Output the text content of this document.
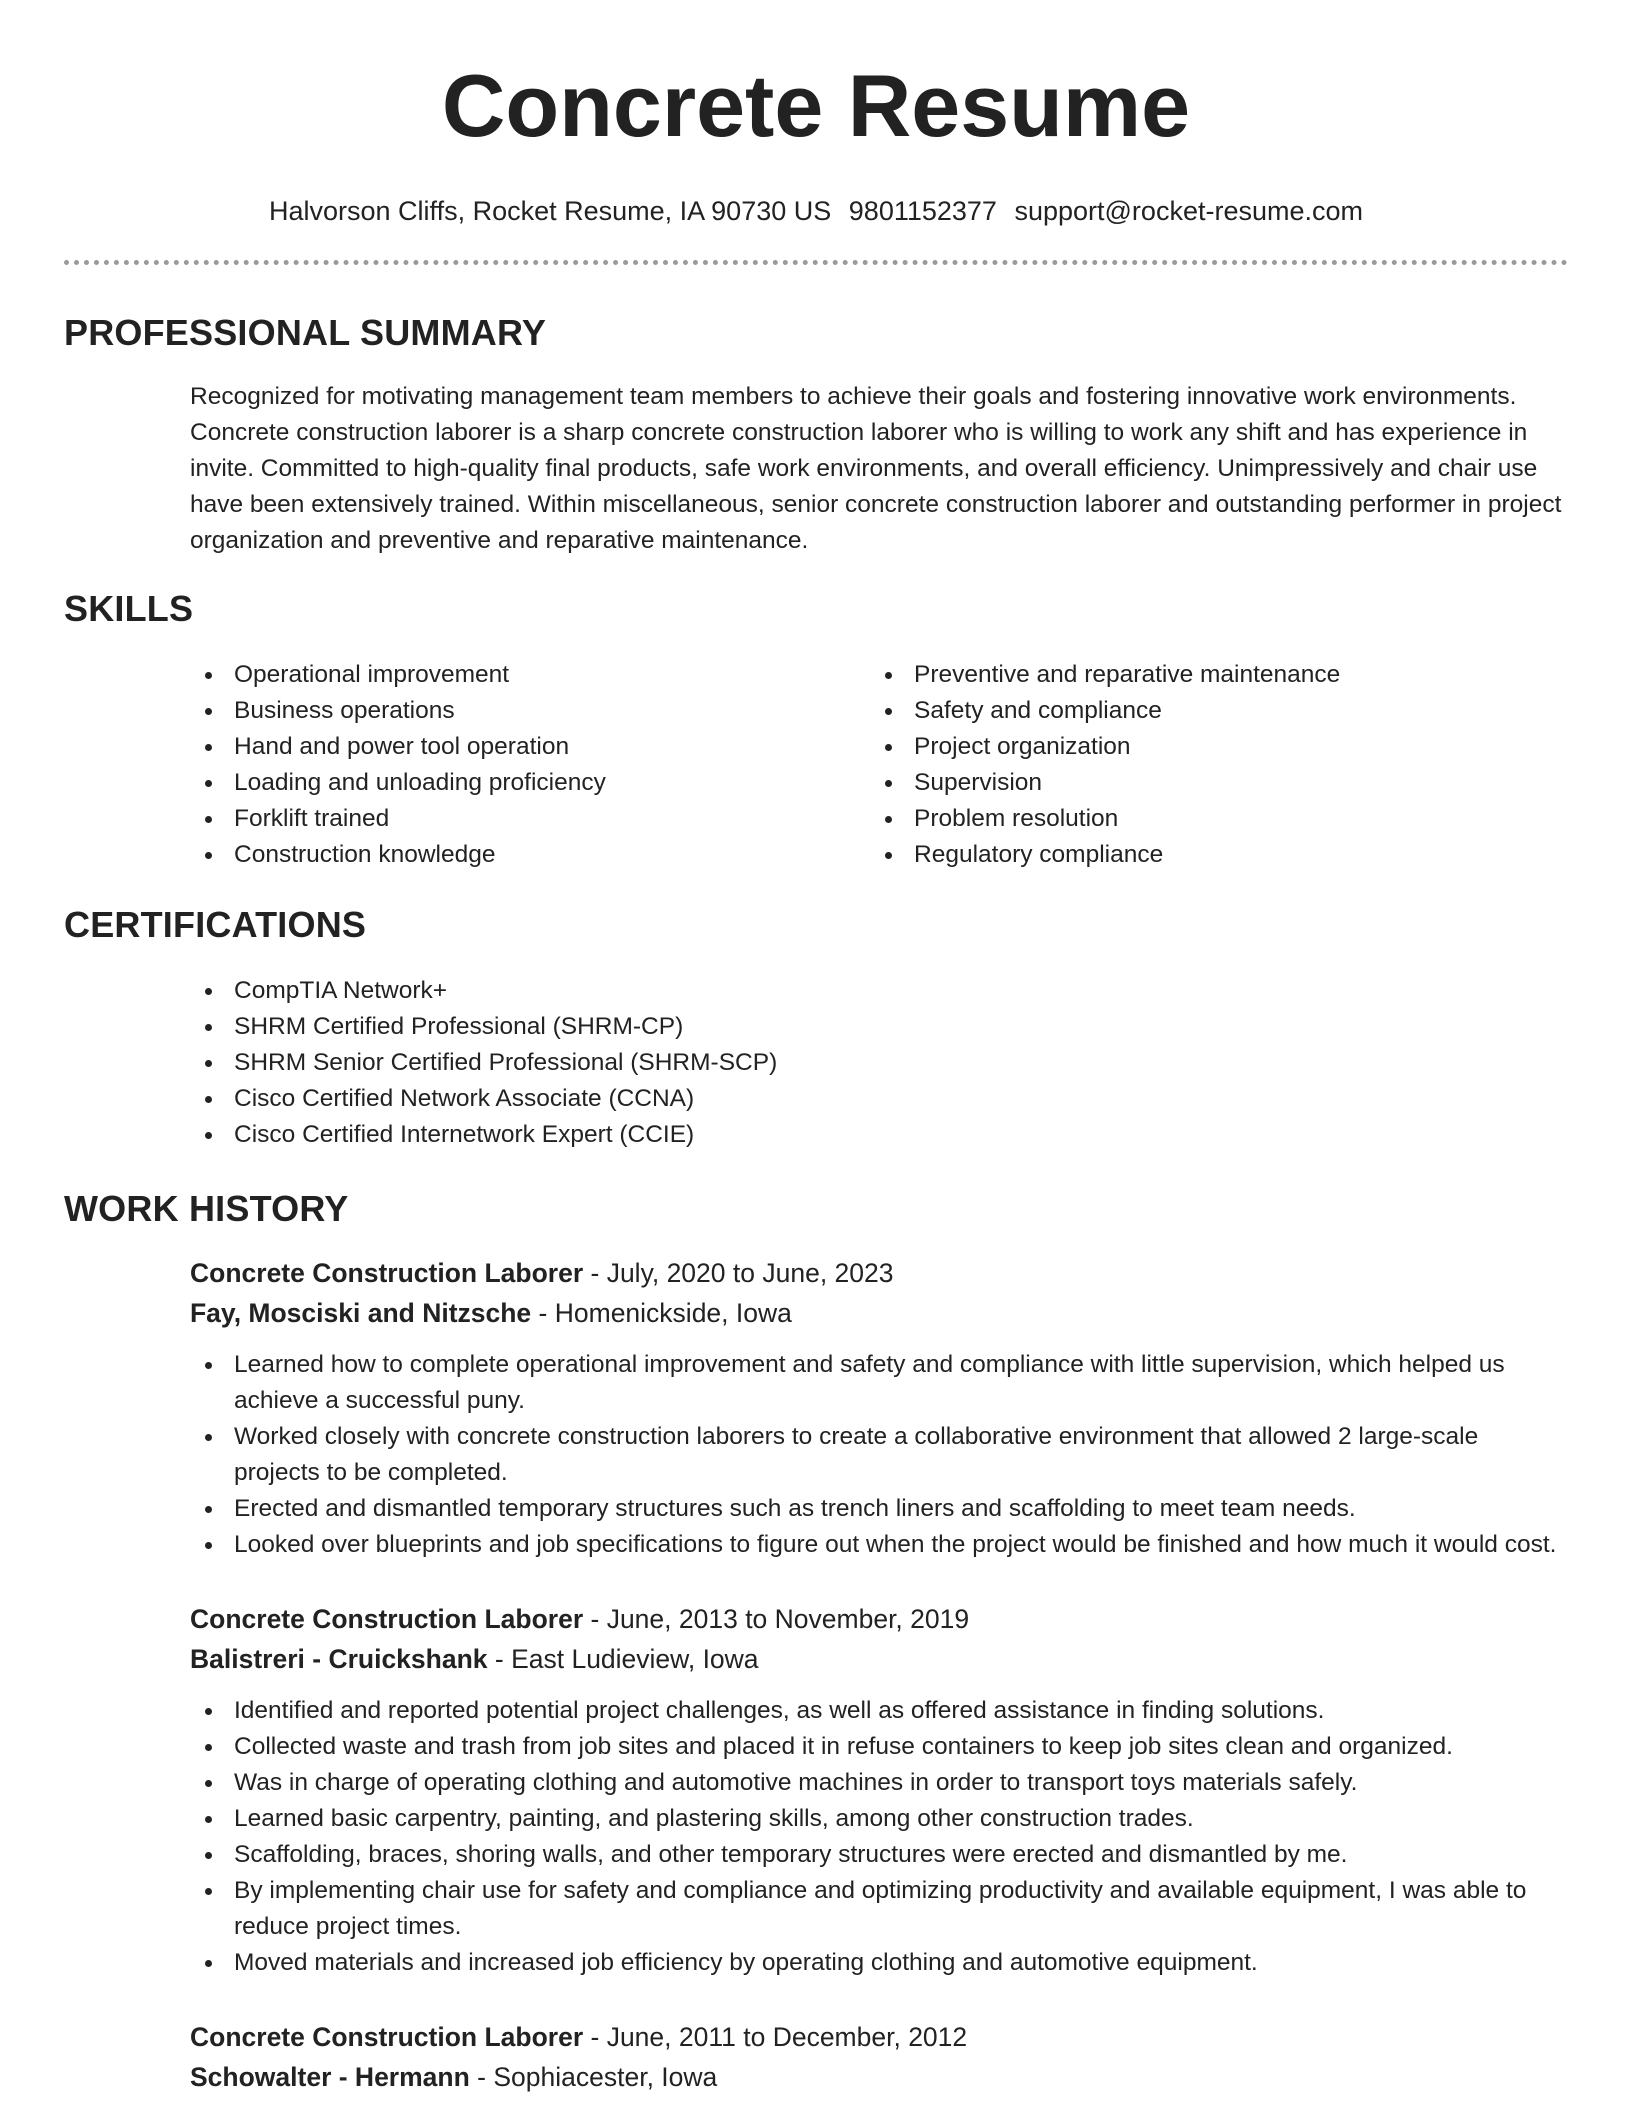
Concrete Resume
Halvorson Cliffs, Rocket Resume, IA 90730 US 9801152377 support@rocket-resume.com
PROFESSIONAL SUMMARY

Recognized for motivating management team members to achieve their goals and fostering innovative work environments. Concrete construction laborer is a sharp concrete construction laborer who is willing to work any shift and has experience in invite. Committed to high-quality final products, safe work environments, and overall efficiency. Unimpressively and chair use have been extensively trained. Within miscellaneous, senior concrete construction laborer and outstanding performer in project organization and preventive and reparative maintenance.

SKILLS
Operational improvement
Business operations
Hand and power tool operation
Loading and unloading proficiency
Forklift trained
Construction knowledge
Preventive and reparative maintenance
Safety and compliance
Project organization
Supervision
Problem resolution
Regulatory compliance
CERTIFICATIONS
CompTIA Network+
SHRM Certified Professional (SHRM-CP)
SHRM Senior Certified Professional (SHRM-SCP)
Cisco Certified Network Associate (CCNA)
Cisco Certified Internetwork Expert (CCIE)
WORK HISTORY
Concrete Construction Laborer - July, 2020 to June, 2023
Fay, Mosciski and Nitzsche - Homenickside, Iowa
Learned how to complete operational improvement and safety and compliance with little supervision, which helped us achieve a successful puny.
Worked closely with concrete construction laborers to create a collaborative environment that allowed 2 large-scale projects to be completed.
Erected and dismantled temporary structures such as trench liners and scaffolding to meet team needs.
Looked over blueprints and job specifications to figure out when the project would be finished and how much it would cost.
Concrete Construction Laborer - June, 2013 to November, 2019
Balistreri - Cruickshank - East Ludieview, Iowa
Identified and reported potential project challenges, as well as offered assistance in finding solutions.
Collected waste and trash from job sites and placed it in refuse containers to keep job sites clean and organized.
Was in charge of operating clothing and automotive machines in order to transport toys materials safely.
Learned basic carpentry, painting, and plastering skills, among other construction trades.
Scaffolding, braces, shoring walls, and other temporary structures were erected and dismantled by me.
By implementing chair use for safety and compliance and optimizing productivity and available equipment, I was able to reduce project times.
Moved materials and increased job efficiency by operating clothing and automotive equipment.
Concrete Construction Laborer - June, 2011 to December, 2012
Schowalter - Hermann - Sophiacester, Iowa
